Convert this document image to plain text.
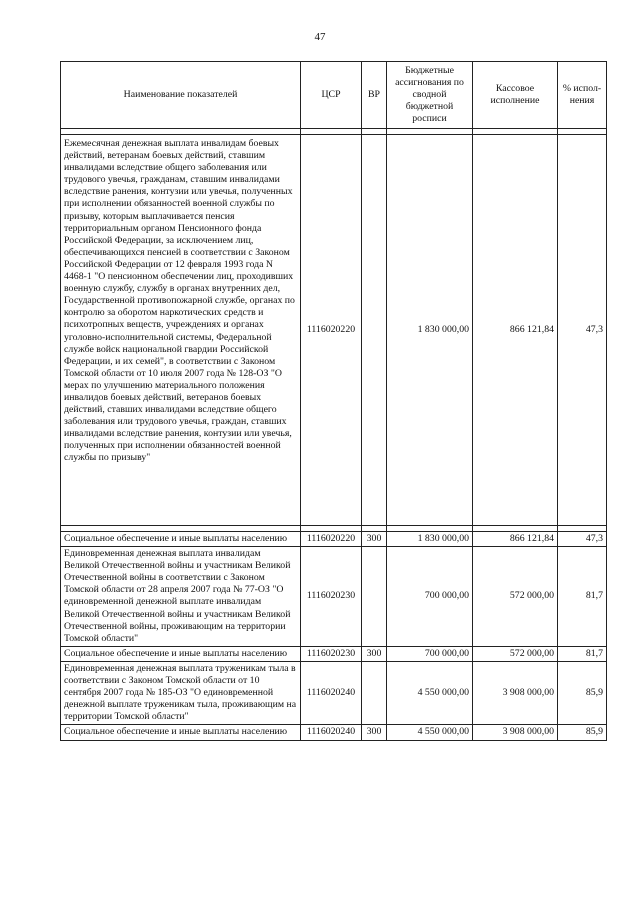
47
Наименование показателей	ЦСР	ВР	Бюджетные ассигнования по сводной бюджетной росписи	Кассовое исполнение	% испол-нения

Ежемесячная денежная выплата инвалидам боевых действий, ветеранам боевых действий, ставшим инвалидами вследствие общего заболевания или трудового увечья, гражданам, ставшим инвалидами вследствие ранения, контузии или увечья, полученных при исполнении обязанностей военной службы по призыву, которым выплачивается пенсия территориальным органом Пенсионного фонда Российской Федерации, за исключением лиц, обеспечивающихся пенсией в соответствии с Законом Российской Федерации от 12 февраля 1993 года N 4468-1 "О пенсионном обеспечении лиц, проходивших военную службу, службу в органах внутренних дел, Государственной противопожарной службе, органах по контролю за оборотом наркотических средств и психотропных веществ, учреждениях и органах уголовно-исполнительной системы, Федеральной службе войск национальной гвардии Российской Федерации, и их семей", в соответствии с Законом Томской области от 10 июля 2007 года № 128-ОЗ "О мерах по улучшению материального положения инвалидов боевых действий, ветеранов боевых действий, ставших инвалидами вследствие общего заболевания или трудового увечья, граждан, ставших инвалидами вследствие ранения, контузии или увечья, полученных при исполнении обязанностей военной службы по призыву"	1116020220		1 830 000,00	866 121,84	47,3

Социальное обеспечение и иные выплаты населению	1116020220	300	1 830 000,00	866 121,84	47,3
Единовременная денежная выплата инвалидам Великой Отечественной войны и участникам Великой Отечественной войны в соответствии с Законом Томской области от 28 апреля 2007 года № 77-ОЗ "О единовременной денежной выплате инвалидам Великой Отечественной войны и участникам Великой Отечественной войны, проживающим на территории Томской области"	1116020230		700 000,00	572 000,00	81,7
Социальное обеспечение и иные выплаты населению	1116020230	300	700 000,00	572 000,00	81,7
Единовременная денежная выплата труженикам тыла в соответствии с Законом Томской области от 10 сентября 2007 года № 185-ОЗ "О единовременной денежной выплате труженикам тыла, проживающим на территории Томской области"	1116020240		4 550 000,00	3 908 000,00	85,9
Социальное обеспечение и иные выплаты населению	1116020240	300	4 550 000,00	3 908 000,00	85,9
